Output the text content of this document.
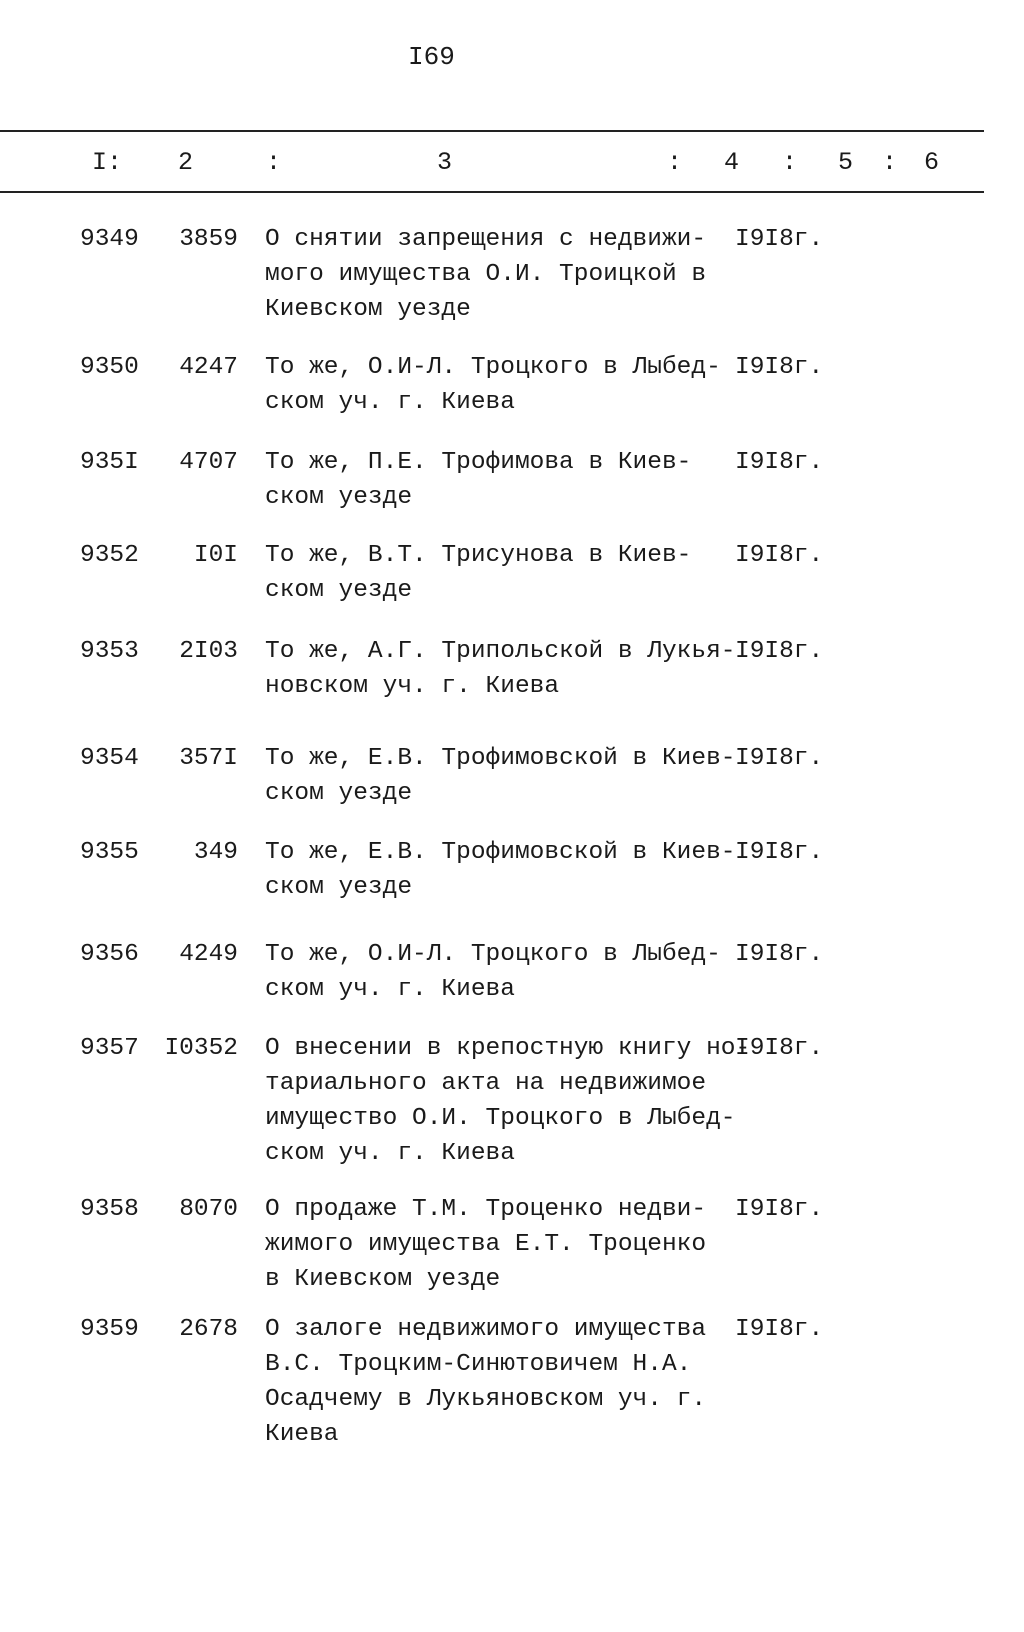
I69
I: 2	:	3	: 4 : 5 : 6
9349 3859 О снятии запрещения с недвижи-
мого имущества О.И. Троицкой в
Киевском уезде
I9I8г.
9350 4247 То же, О.И-Л. Троцкого в Лыбед-
ском уч. г. Киева
I9I8г.
935I 4707 То же, П.Е. Трофимова в Киев-
ском уезде
I9I8г.
9352 I0I То же, В.Т. Трисунова в Киев-
ском уезде
I9I8г.
9353 2I03 То же, А.Г. Трипольской в Лукья-
новском уч. г. Киева
I9I8г.
9354 357I То же, Е.В. Трофимовской в Киев-
ском уезде
I9I8г.
9355 349 То же, Е.В. Трофимовской в Киев-
ском уезде
I9I8г.
9356 4249 То же, О.И-Л. Троцкого в Лыбед-
ском уч. г. Киева
I9I8г.
9357 I0352 О внесении в крепостную книгу но-
тариального акта на недвижимое
имущество О.И. Троцкого в Лыбед-
ском уч. г. Киева
I9I8г.
9358 8070 О продаже Т.М. Троценко недви-
жимого имущества Е.Т. Троценко
в Киевском уезде
I9I8г.
9359 2678 О залоге недвижимого имущества
В.С. Троцким-Синютовичем Н.А.
Осадчему в Лукьяновском уч. г.
Киева
I9I8г.
